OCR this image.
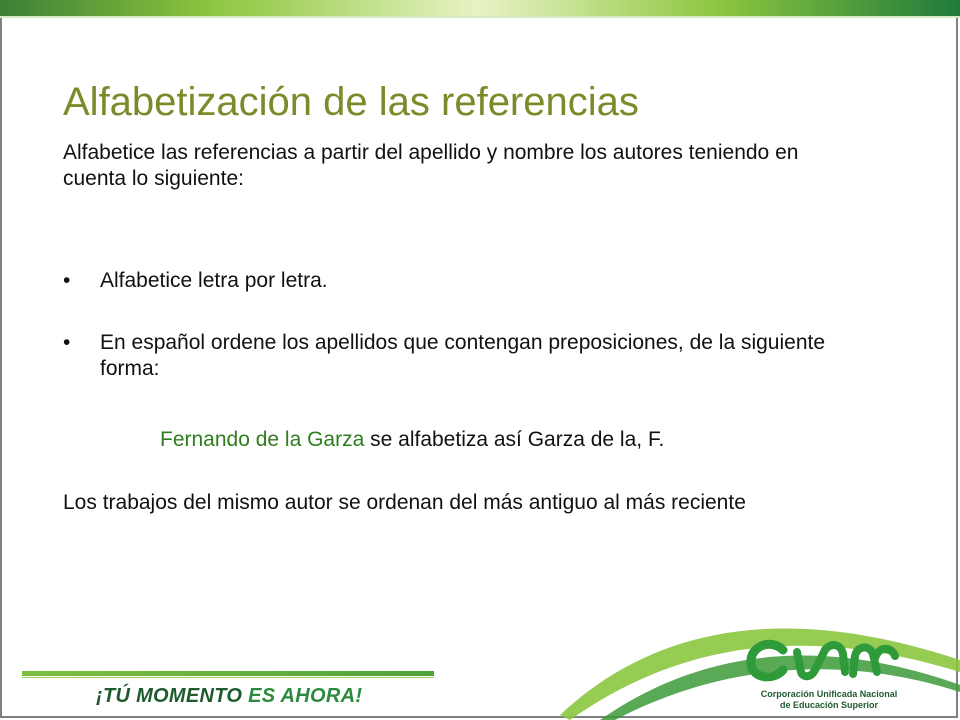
Alfabetización de las referencias
Alfabetice las referencias a partir del apellido y nombre los autores teniendo en
cuenta lo siguiente:
• Alfabetice letra por letra.
• En español ordene los apellidos que contengan preposiciones, de la siguiente forma:
Fernando de la Garza se alfabetiza así Garza de la, F.
Los trabajos del mismo autor se ordenan del más antiguo al más reciente
¡TÚ MOMENTO ES AHORA!	Corporación Unificada Nacional
de Educación Superior
